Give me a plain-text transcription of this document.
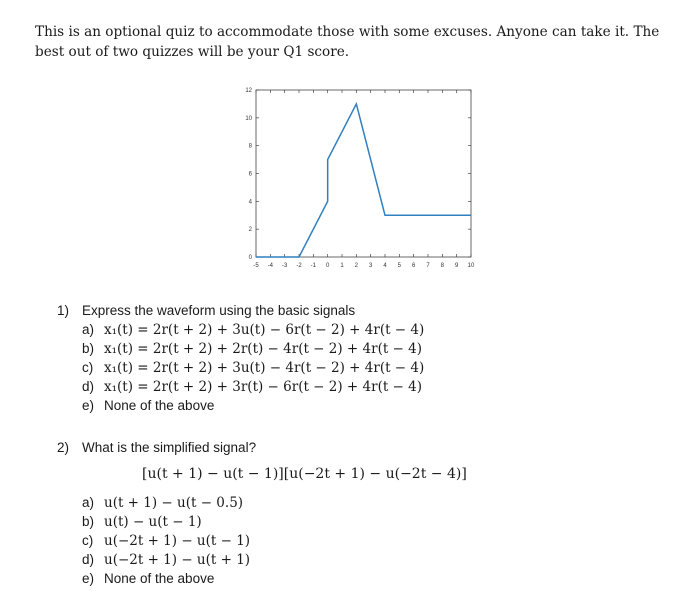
This is an optional quiz to accommodate those with some excuses. Anyone can take it. The best out of two quizzes will be your Q1 score.
-5 -4 -3 -2 -1 0 1 2 3 4 5 6 7 8 9 10
0
2
4
6
8
10
12
1) Express the waveform using the basic signals
a) x₁(t) = 2r(t + 2) + 3u(t) − 6r(t − 2) + 4r(t − 4)
b) x₁(t) = 2r(t + 2) + 2r(t) − 4r(t − 2) + 4r(t − 4)
c) x₁(t) = 2r(t + 2) + 3u(t) − 4r(t − 2) + 4r(t − 4)
d) x₁(t) = 2r(t + 2) + 3r(t) − 6r(t − 2) + 4r(t − 4)
e) None of the above
2) What is the simplified signal?
[u(t + 1) − u(t − 1)][u(−2t + 1) − u(−2t − 4)]
a) u(t + 1) − u(t − 0.5)
b) u(t) − u(t − 1)
c) u(−2t + 1) − u(t − 1)
d) u(−2t + 1) − u(t + 1)
e) None of the above
